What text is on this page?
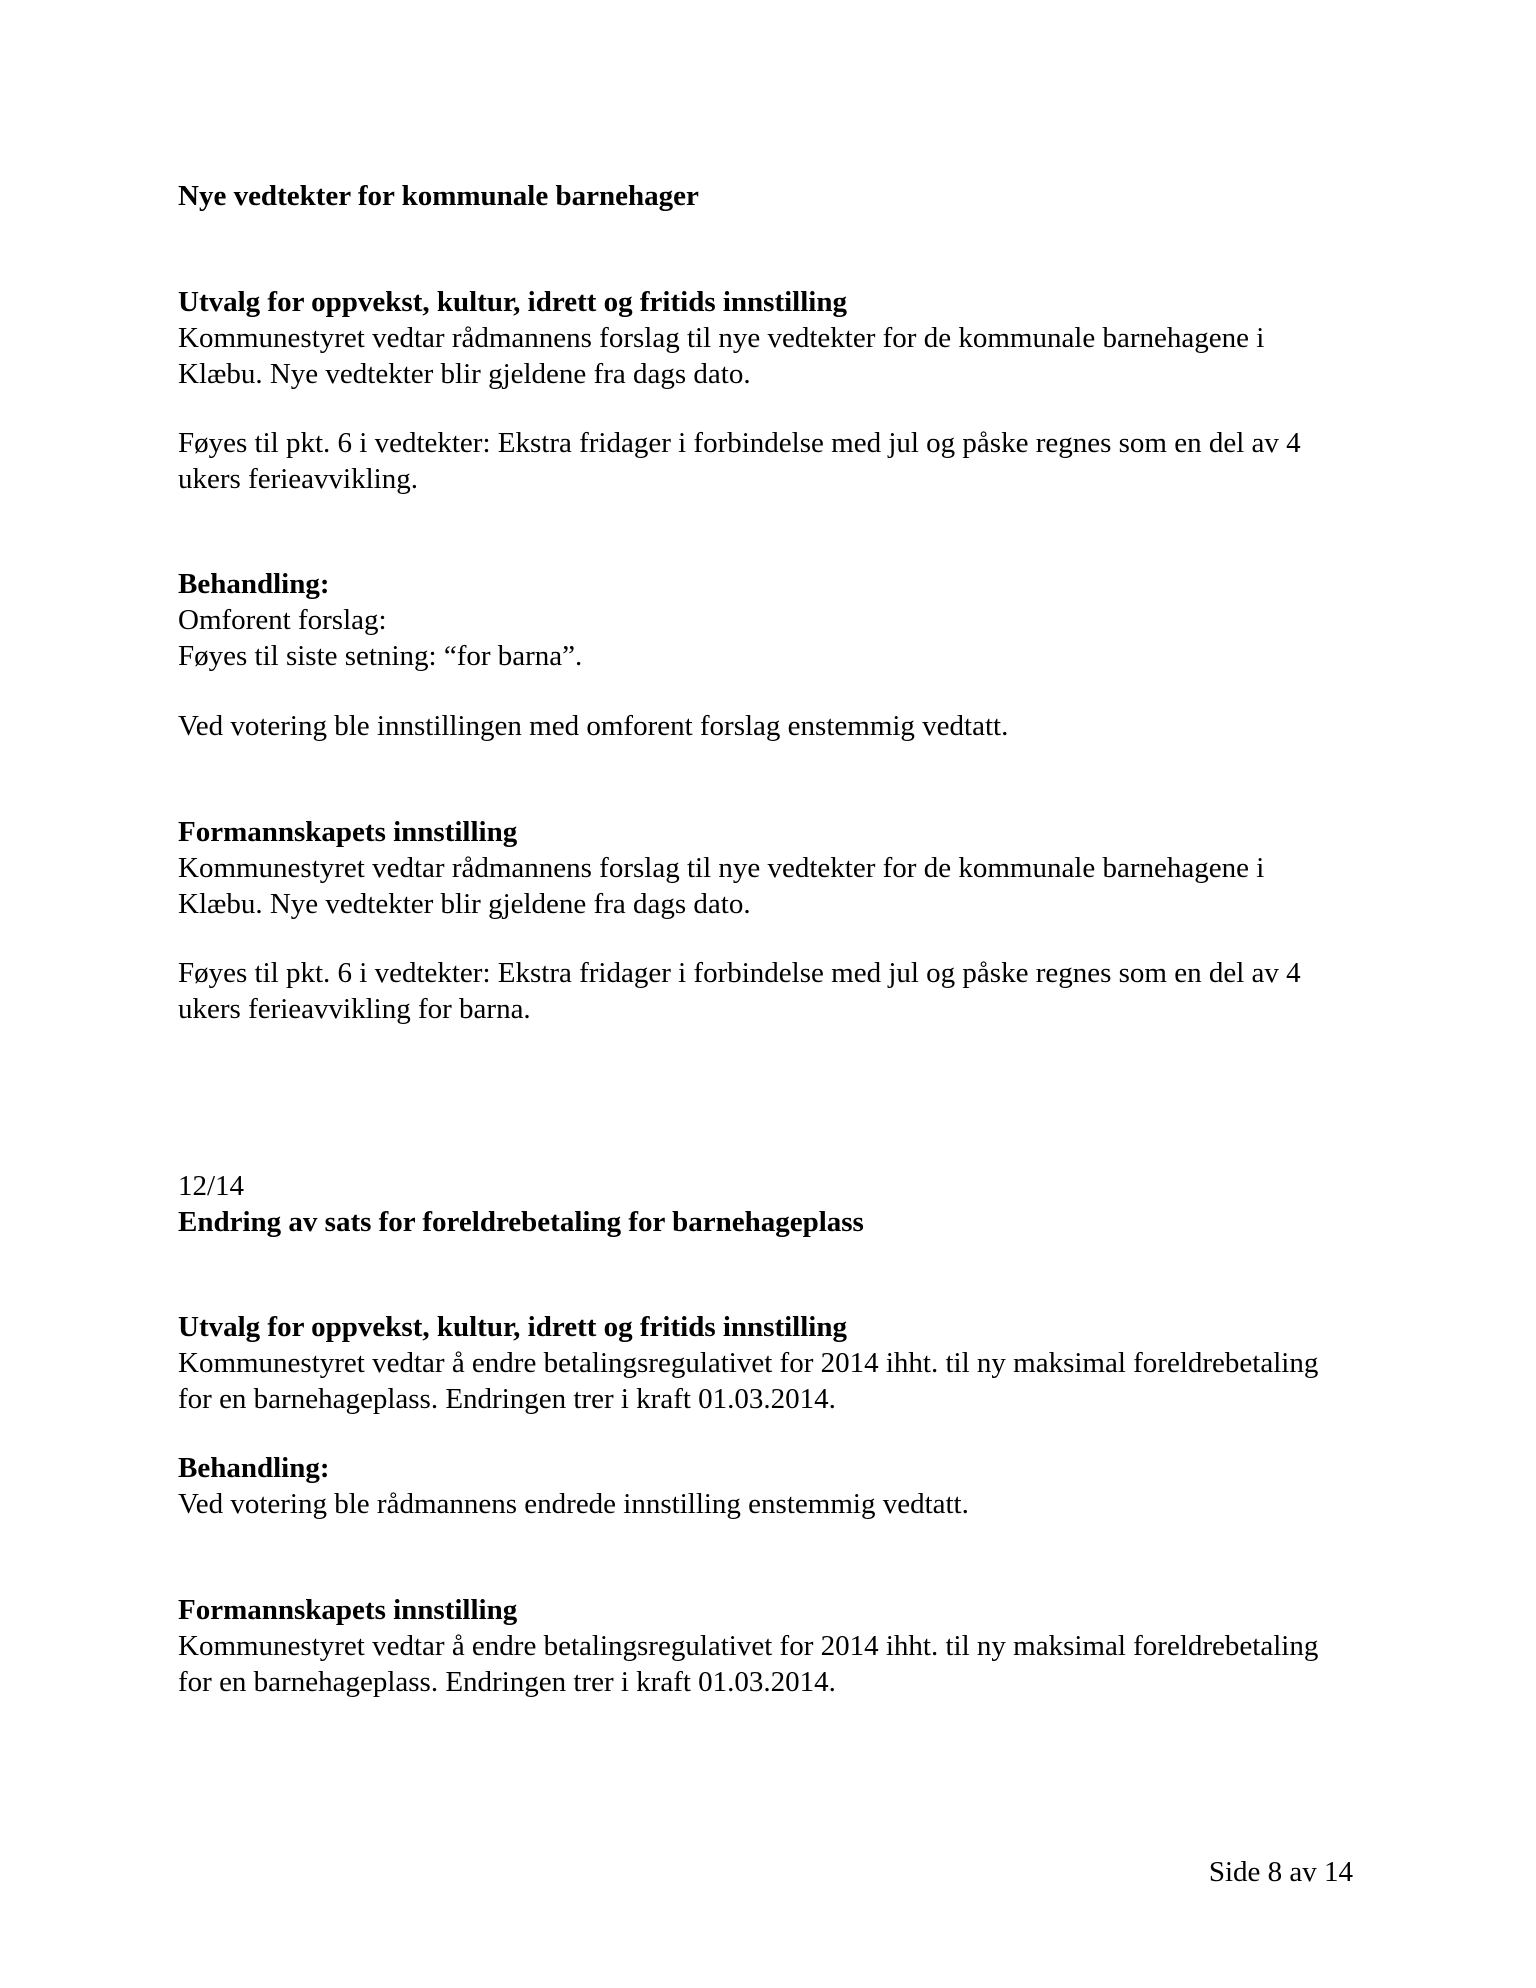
Nye vedtekter for kommunale barnehager
Utvalg for oppvekst, kultur, idrett og fritids innstilling
Kommunestyret vedtar rådmannens forslag til nye vedtekter for de kommunale barnehagene i
Klæbu. Nye vedtekter blir gjeldene fra dags dato.
Føyes til pkt. 6 i vedtekter: Ekstra fridager i forbindelse med jul og påske regnes som en del av 4
ukers ferieavvikling.
Behandling:
Omforent forslag:
Føyes til siste setning: “for barna”.
Ved votering ble innstillingen med omforent forslag enstemmig vedtatt.
Formannskapets innstilling
Kommunestyret vedtar rådmannens forslag til nye vedtekter for de kommunale barnehagene i
Klæbu. Nye vedtekter blir gjeldene fra dags dato.
Føyes til pkt. 6 i vedtekter: Ekstra fridager i forbindelse med jul og påske regnes som en del av 4
ukers ferieavvikling for barna.
12/14
Endring av sats for foreldrebetaling for barnehageplass
Utvalg for oppvekst, kultur, idrett og fritids innstilling
Kommunestyret vedtar å endre betalingsregulativet for 2014 ihht. til ny maksimal foreldrebetaling
for en barnehageplass. Endringen trer i kraft 01.03.2014.
Behandling:
Ved votering ble rådmannens endrede innstilling enstemmig vedtatt.
Formannskapets innstilling
Kommunestyret vedtar å endre betalingsregulativet for 2014 ihht. til ny maksimal foreldrebetaling
for en barnehageplass. Endringen trer i kraft 01.03.2014.
Side 8 av 14
